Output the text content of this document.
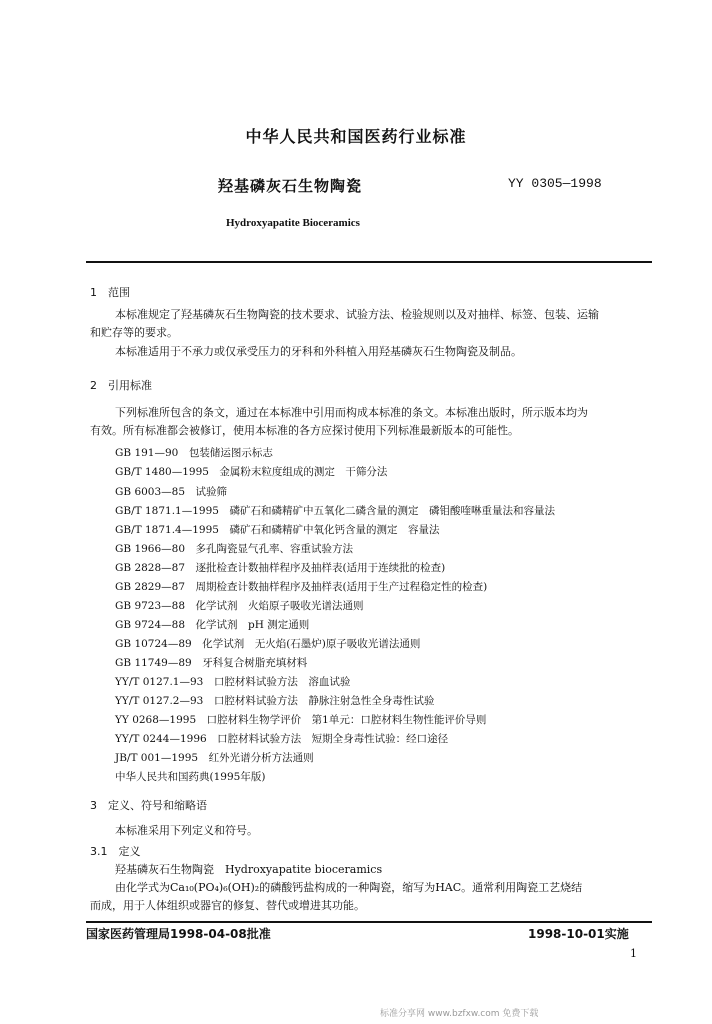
中华人民共和国医药行业标准
羟基磷灰石生物陶瓷	YY 0305—1998
Hydroxyapatite Bioceramics
1　范围
本标准规定了羟基磷灰石生物陶瓷的技术要求、试验方法、检验规则以及对抽样、标签、包装、运输
和贮存等的要求。
本标准适用于不承力或仅承受压力的牙科和外科植入用羟基磷灰石生物陶瓷及制品。
2　引用标准
下列标准所包含的条文，通过在本标准中引用而构成本标准的条文。本标准出版时，所示版本均为
有效。所有标准都会被修订，使用本标准的各方应探讨使用下列标准最新版本的可能性。
GB 191—90　包装储运图示标志
GB/T 1480—1995　金属粉末粒度组成的测定　干筛分法
GB 6003—85　试验筛
GB/T 1871.1—1995　磷矿石和磷精矿中五氧化二磷含量的测定　磷钼酸喹啉重量法和容量法
GB/T 1871.4—1995　磷矿石和磷精矿中氧化钙含量的测定　容量法
GB 1966—80　多孔陶瓷显气孔率、容重试验方法
GB 2828—87　逐批检查计数抽样程序及抽样表(适用于连续批的检查)
GB 2829—87　周期检查计数抽样程序及抽样表(适用于生产过程稳定性的检查)
GB 9723—88　化学试剂　火焰原子吸收光谱法通则
GB 9724—88　化学试剂　pH 测定通则
GB 10724—89　化学试剂　无火焰(石墨炉)原子吸收光谱法通则
GB 11749—89　牙科复合树脂充填材料
YY/T 0127.1—93　口腔材料试验方法　溶血试验
YY/T 0127.2—93　口腔材料试验方法　静脉注射急性全身毒性试验
YY 0268—1995　口腔材料生物学评价　第1单元：口腔材料生物性能评价导则
YY/T 0244—1996　口腔材料试验方法　短期全身毒性试验：经口途径
JB/T 001—1995　红外光谱分析方法通则
中华人民共和国药典(1995年版)
3　定义、符号和缩略语
本标准采用下列定义和符号。
3.1　定义
羟基磷灰石生物陶瓷　Hydroxyapatite bioceramics
由化学式为Ca₁₀(PO₄)₆(OH)₂的磷酸钙盐构成的一种陶瓷，缩写为HAC。通常利用陶瓷工艺烧结
而成，用于人体组织或器官的修复、替代或增进其功能。
国家医药管理局1998-04-08批准	1998-10-01实施
1
标准分享网 www.bzfxw.com 免费下载
